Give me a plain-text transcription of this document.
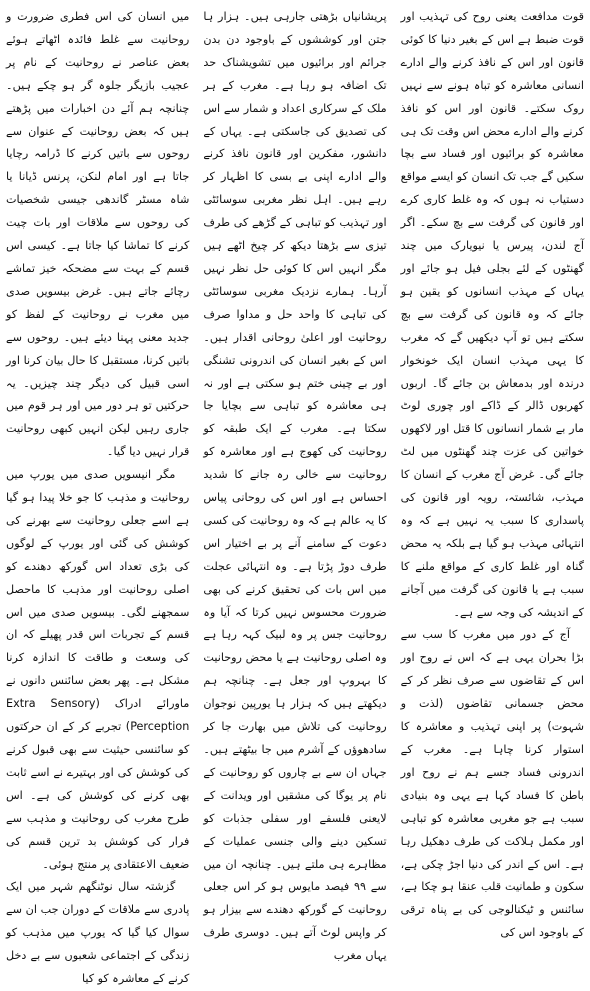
قوت مدافعت یعنی روح کی تہذیب اور قوت ضبط ہے اس کے بغیر دنیا کا کوئی قانون اور اس کے نافذ کرنے والے ادارے انسانی معاشرہ کو تباہ ہونے سے نہیں روک سکتے۔ قانون اور اس کو نافذ کرنے والے ادارے محض اس وقت تک ہی معاشرہ کو برائیوں اور فساد سے بچا سکیں گے جب تک انسان کو ایسے مواقع دستیاب نہ ہوں کہ وہ غلط کاری کرے اور قانون کی گرفت سے بچ سکے۔ اگر آج لندن، پیرس یا نیویارک میں چند گھنٹوں کے لئے بجلی فیل ہو جائے اور یہاں کے مہذب انسانوں کو یقین ہو جائے کہ وہ قانون کی گرفت سے بچ سکتے ہیں تو آپ دیکھیں گے کہ مغرب کا یہی مہذب انسان ایک خونخوار درندہ اور بدمعاش بن جائے گا۔ اربوں کھربوں ڈالر کے ڈاکے اور چوری لوٹ مار بے شمار انسانوں کا قتل اور لاکھوں خواتین کی عزت چند گھنٹوں میں لٹ جائے گی۔ غرض آج مغرب کے انسان کا مہذب، شائستہ، رویہ اور قانون کی پاسداری کا سبب یہ نہیں ہے کہ وہ انتہائی مہذب ہو گیا ہے بلکہ یہ محض گناہ اور غلط کاری کے مواقع ملنے کا سبب ہے یا قانون کی گرفت میں آجانے کے اندیشہ کی وجہ سے ہے۔

آج کے دور میں مغرب کا سب سے بڑا بحران یہی ہے کہ اس نے روح اور اس کے تقاضوں سے صرف نظر کر کے محض جسمانی تقاضوں (لذت و شہوت) پر اپنی تہذیب و معاشرہ کا استوار کرنا چاہا ہے۔ مغرب کے اندرونی فساد جسے ہم نے روح اور باطن کا فساد کہا ہے یہی وہ بنیادی سبب ہے جو مغربی معاشرہ کو تباہی اور مکمل ہلاکت کی طرف دھکیل رہا ہے۔ اس کے اندر کی دنیا اجڑ چکی ہے، سکون و طمانیت قلب عنقا ہو چکا ہے، سائنس و ٹیکنالوجی کی بے پناہ ترقی کے باوجود اس کی

پریشانیاں بڑھتی جارہی ہیں۔ ہزار ہا جتن اور کوششوں کے باوجود دن بدن جرائم اور برائیوں میں تشویشناک حد تک اضافہ ہو رہا ہے۔ مغرب کے ہر ملک کے سرکاری اعداد و شمار سے اس کی تصدیق کی جاسکتی ہے۔ یہاں کے دانشور، مفکرین اور قانون نافذ کرنے والے ادارے اپنی بے بسی کا اظہار کر رہے ہیں۔ اہل نظر مغربی سوسائٹی اور تہذیب کو تباہی کے گڑھے کی طرف تیزی سے بڑھتا دیکھ کر چیخ اٹھے ہیں مگر انہیں اس کا کوئی حل نظر نہیں آرہا۔ ہمارے نزدیک مغربی سوسائٹی کی تباہی کا واحد حل و مداوا صرف روحانیت اور اعلیٰ روحانی اقدار ہیں۔ اس کے بغیر انسان کی اندرونی تشنگی اور بے چینی ختم ہو سکتی ہے اور نہ ہی معاشرہ کو تباہی سے بچایا جا سکتا ہے۔ مغرب کے ایک طبقہ کو روحانیت کی کھوج ہے اور معاشرہ کو روحانیت سے خالی رہ جانے کا شدید احساس ہے اور اس کی روحانی پیاس کا یہ عالم ہے کہ وہ روحانیت کی کسی دعوت کے سامنے آنے پر بے اختیار اس طرف دوڑ پڑتا ہے۔ وہ انتہائی عجلت میں اس بات کی تحقیق کرنے کی بھی ضرورت محسوس نہیں کرتا کہ آیا وہ روحانیت جس پر وہ لبیک کہہ رہا ہے وہ اصلی روحانیت ہے یا محض روحانیت کا بہروپ اور جعل ہے۔ چنانچہ ہم دیکھتے ہیں کہ ہزار ہا یورپین نوجوان روحانیت کی تلاش میں بھارت جا کر سادھوؤں کے آشرم میں جا بیٹھتے ہیں۔ جہاں ان سے بے چاروں کو روحانیت کے نام پر یوگا کی مشقیں اور ویدانت کے لایعنی فلسفے اور سفلی جذبات کو تسکین دینے والی جنسی عملیات کے مظاہرے ہی ملتے ہیں۔ چنانچہ ان میں سے ۹۹ فیصد مایوس ہو کر اس جعلی روحانیت کے گورکھ دھندے سے بیزار ہو کر واپس لوٹ آتے ہیں۔ دوسری طرف یہاں مغرب

میں انسان کی اس فطری ضرورت و روحانیت سے غلط فائدہ اٹھاتے ہوئے بعض عناصر نے روحانیت کے نام پر عجیب بازیگر جلوہ گر ہو چکے ہیں۔ چنانچہ ہم آئے دن اخبارات میں پڑھتے ہیں کہ بعض روحانیت کے عنوان سے روحوں سے باتیں کرنے کا ڈرامہ رچایا جاتا ہے اور امام لنکن، پرنس ڈیانا یا شاہ مسٹر گاندھی جیسی شخصیات کی روحوں سے ملاقات اور بات چیت کرنے کا تماشا کیا جاتا ہے۔ کیسی اس قسم کے بہت سے مضحکہ خیز تماشے رچائے جاتے ہیں۔ غرض بیسویں صدی میں مغرب نے روحانیت کے لفظ کو جدید معنی پہنا دیئے ہیں۔ روحوں سے باتیں کرنا، مستقبل کا حال بیان کرنا اور اسی قبیل کی دیگر چند چیزیں۔ یہ حرکتیں تو ہر دور میں اور ہر قوم میں جاری رہیں لیکن انہیں کبھی روحانیت قرار نہیں دیا گیا۔

مگر انیسویں صدی میں یورپ میں روحانیت و مذہب کا جو خلا پیدا ہو گیا ہے اسے جعلی روحانیت سے بھرنے کی کوشش کی گئی اور یورپ کے لوگوں کی بڑی تعداد اس گورکھ دھندے کو اصلی روحانیت اور مذہب کا ماحصل سمجھنے لگی۔ بیسویں صدی میں اس قسم کے تجربات اس قدر پھیلے کہ ان کی وسعت و طاقت کا اندازہ کرنا مشکل ہے۔ پھر بعض سائنس دانوں نے ماورائے ادراک (Extra Sensory Perception) تجربے کر کے ان حرکتوں کو سائنسی حیثیت سے بھی قبول کرنے کی کوشش کی اور بہتیرے نے اسے ثابت بھی کرنے کی کوشش کی ہے۔ اس طرح مغرب کی روحانیت و مذہب سے فرار کی کوشش بد ترین قسم کی ضعیف الاعتقادی پر منتج ہوئی۔

گزشتہ سال نوٹنگھم شہر میں ایک پادری سے ملاقات کے دوران جب ان سے سوال کیا گیا کہ یورپ میں مذہب کو زندگی کے اجتماعی شعبوں سے بے دخل کرنے کے معاشرہ کو کیا
